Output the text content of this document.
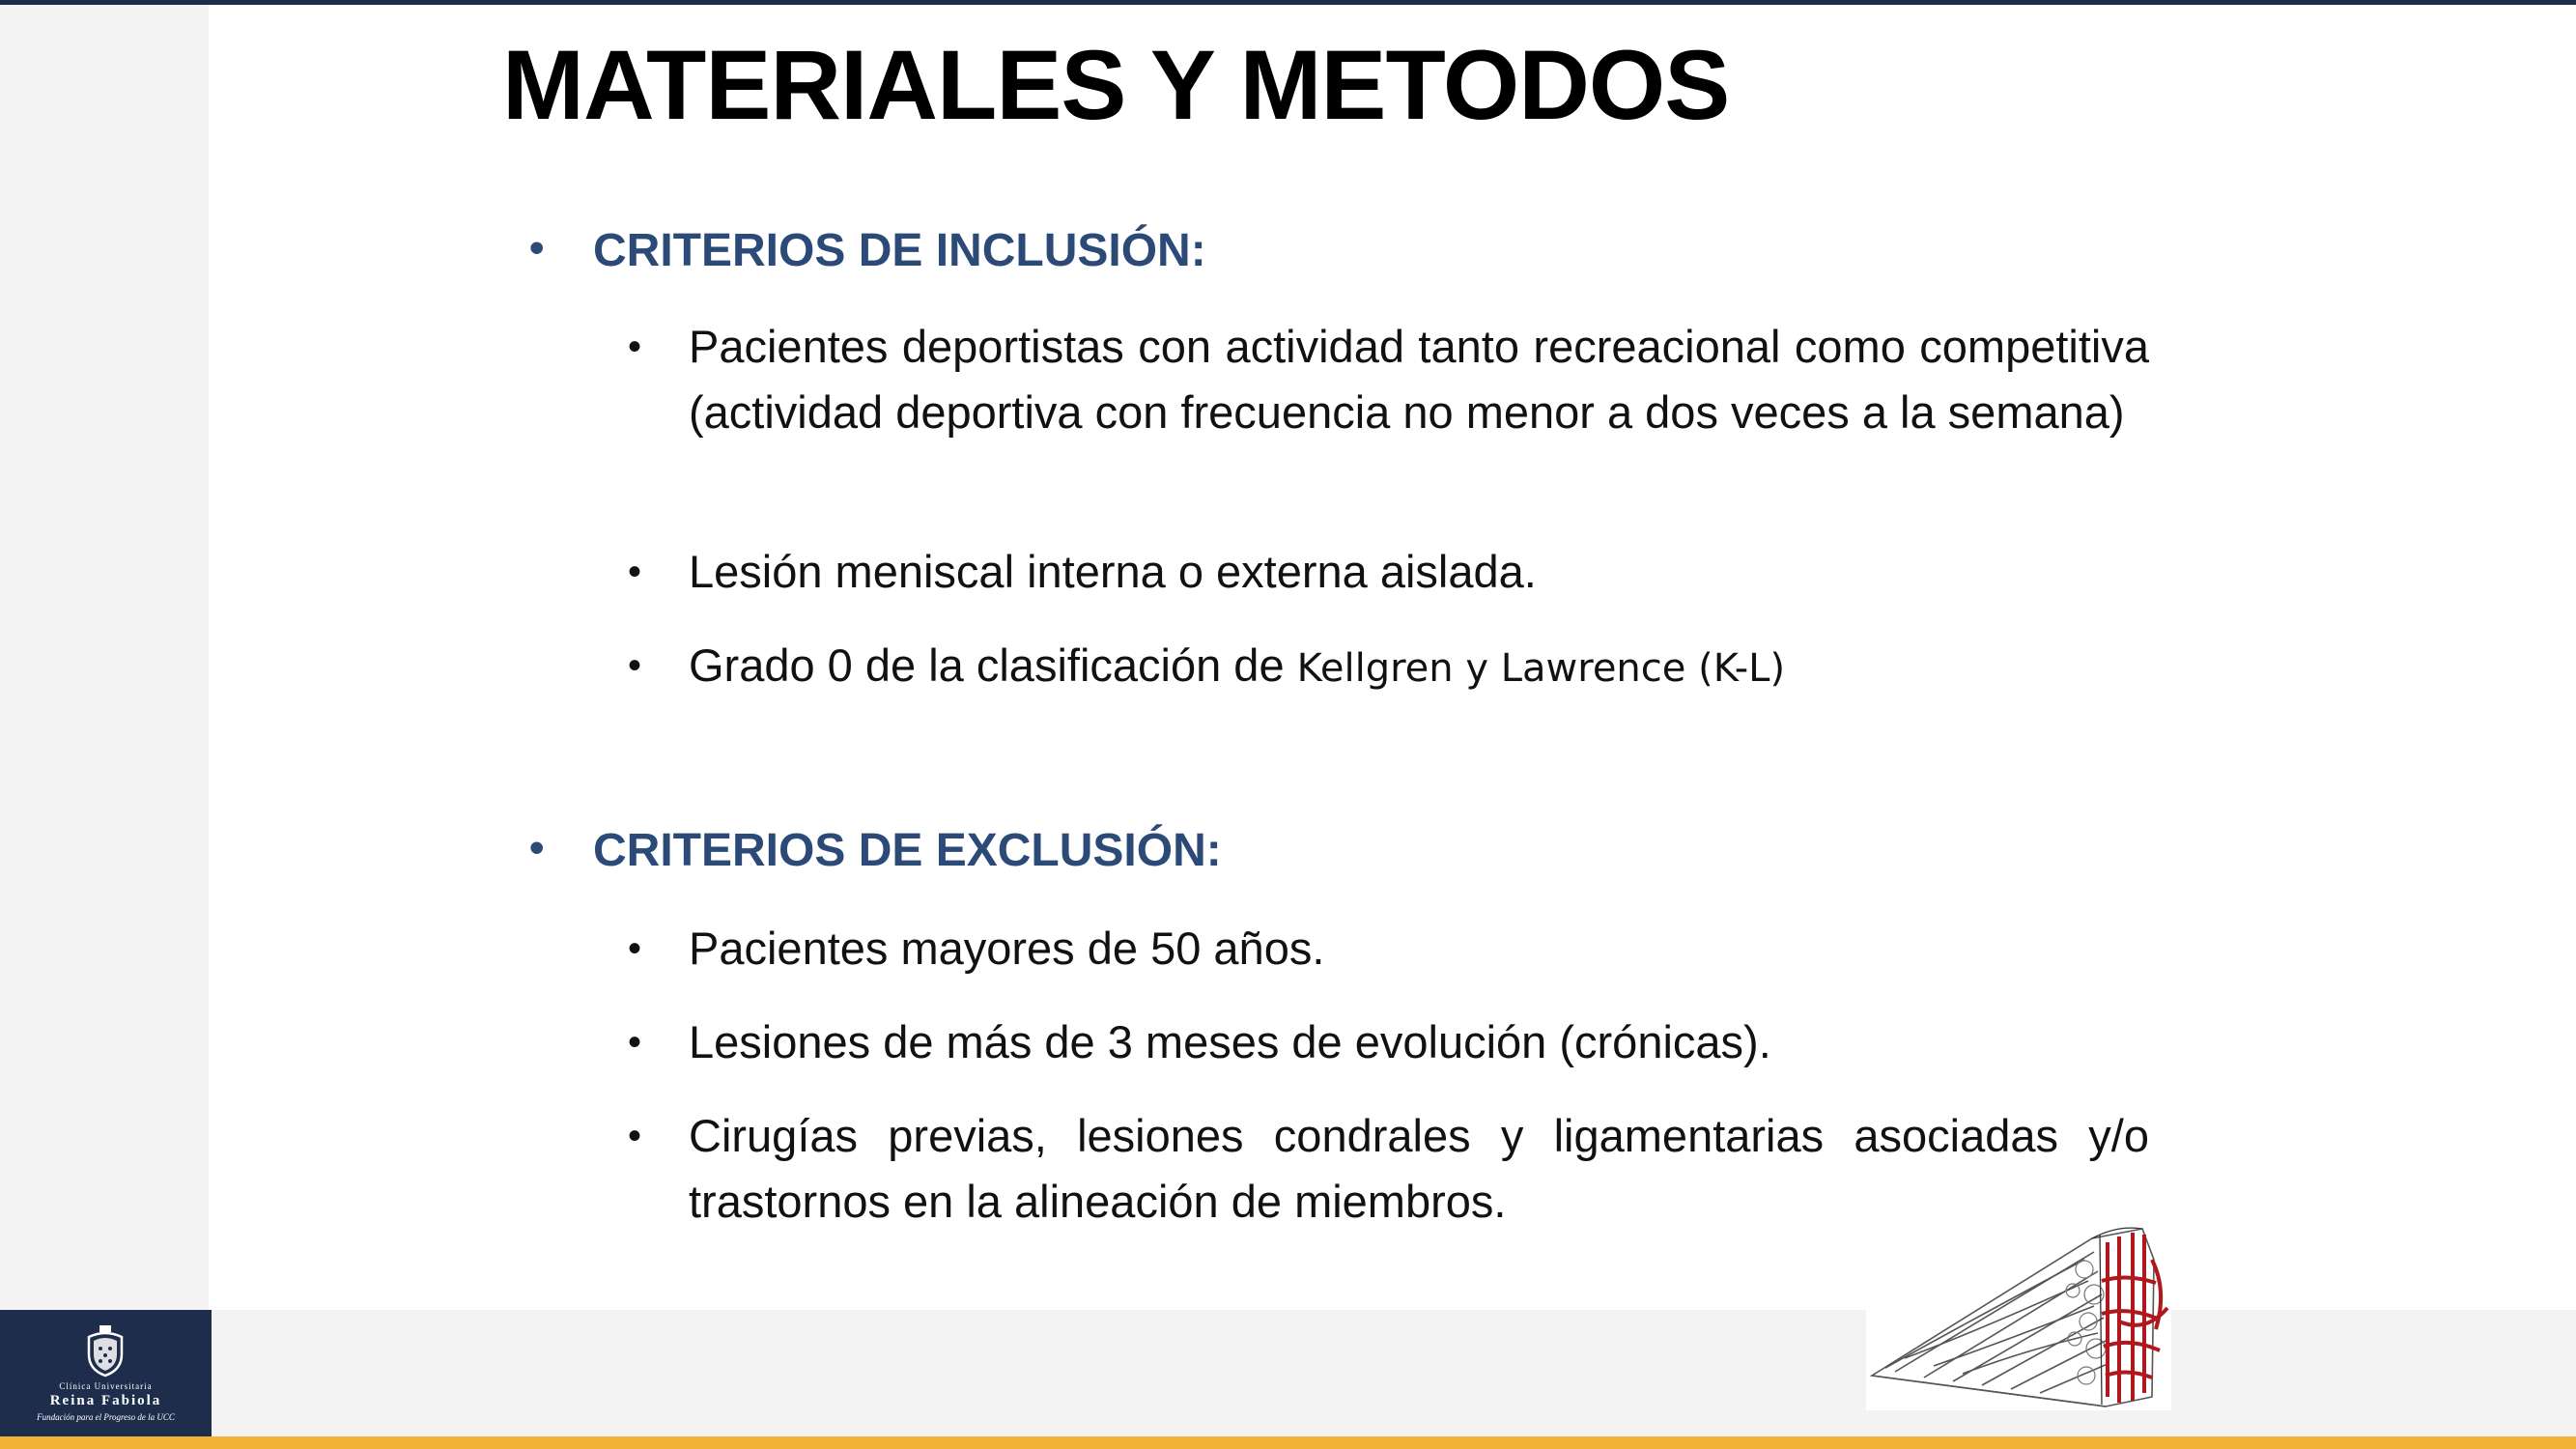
MATERIALES Y METODOS
• CRITERIOS DE INCLUSIÓN:
• Pacientes deportistas con actividad tanto recreacional como competitiva (actividad deportiva con frecuencia no menor a dos veces a la semana)
• Lesión meniscal interna o externa aislada.
• Grado 0 de la clasificación de Kellgren y Lawrence (K-L)
• CRITERIOS DE EXCLUSIÓN:
• Pacientes mayores de 50 años.
• Lesiones de más de 3 meses de evolución (crónicas).
• Cirugías previas, lesiones condrales y ligamentarias asociadas y/o trastornos en la alineación de miembros.
Clínica Universitaria
Reina Fabiola
Fundación para el Progreso de la UCC
